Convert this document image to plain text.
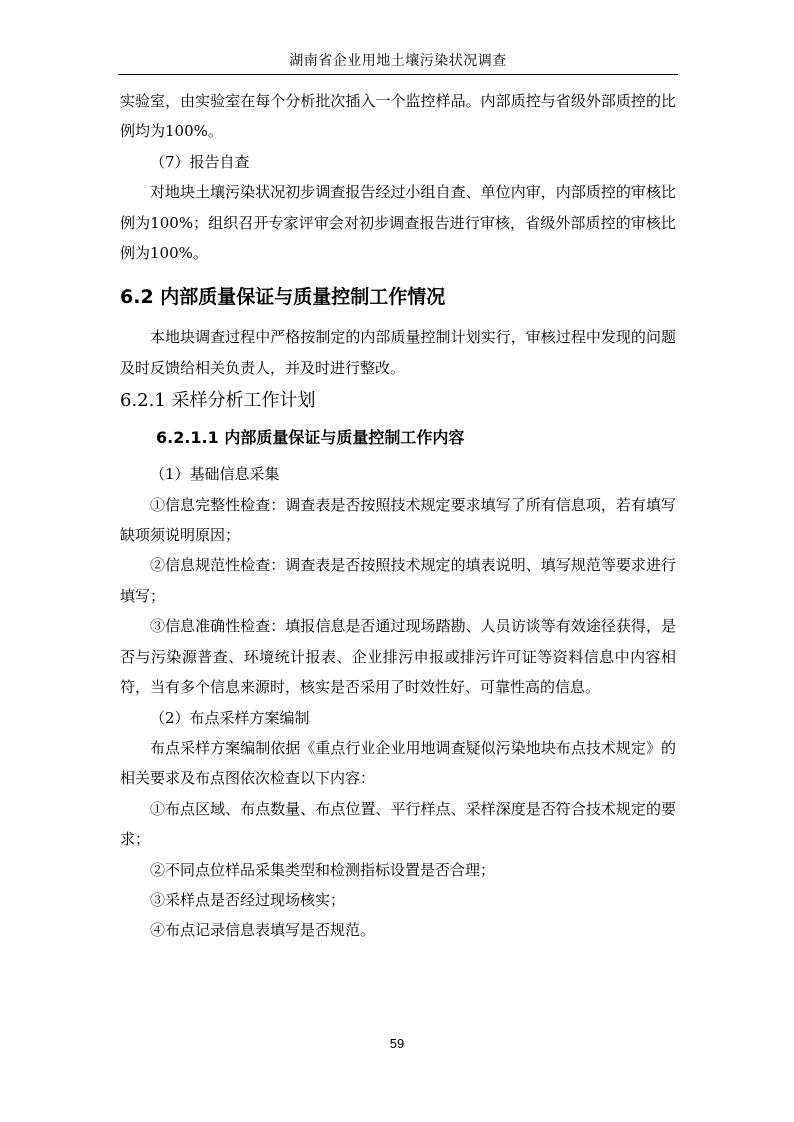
湖南省企业用地土壤污染状况调查

实验室，由实验室在每个分析批次插入一个监控样品。内部质控与省级外部质控的比例均为100%。

（7）报告自查

对地块土壤污染状况初步调查报告经过小组自查、单位内审，内部质控的审核比例为100%；组织召开专家评审会对初步调查报告进行审核，省级外部质控的审核比例为100%。

6.2 内部质量保证与质量控制工作情况

本地块调查过程中严格按制定的内部质量控制计划实行，审核过程中发现的问题及时反馈给相关负责人，并及时进行整改。

6.2.1 采样分析工作计划
6.2.1.1 内部质量保证与质量控制工作内容

（1）基础信息采集

①信息完整性检查：调查表是否按照技术规定要求填写了所有信息项，若有填写缺项须说明原因；

②信息规范性检查：调查表是否按照技术规定的填表说明、填写规范等要求进行填写；

③信息准确性检查：填报信息是否通过现场踏勘、人员访谈等有效途径获得，是否与污染源普查、环境统计报表、企业排污申报或排污许可证等资料信息中内容相符，当有多个信息来源时，核实是否采用了时效性好、可靠性高的信息。

（2）布点采样方案编制

布点采样方案编制依据《重点行业企业用地调查疑似污染地块布点技术规定》的相关要求及布点图依次检查以下内容：

①布点区域、布点数量、布点位置、平行样点、采样深度是否符合技术规定的要求；

②不同点位样品采集类型和检测指标设置是否合理；

③采样点是否经过现场核实；

④布点记录信息表填写是否规范。

59
